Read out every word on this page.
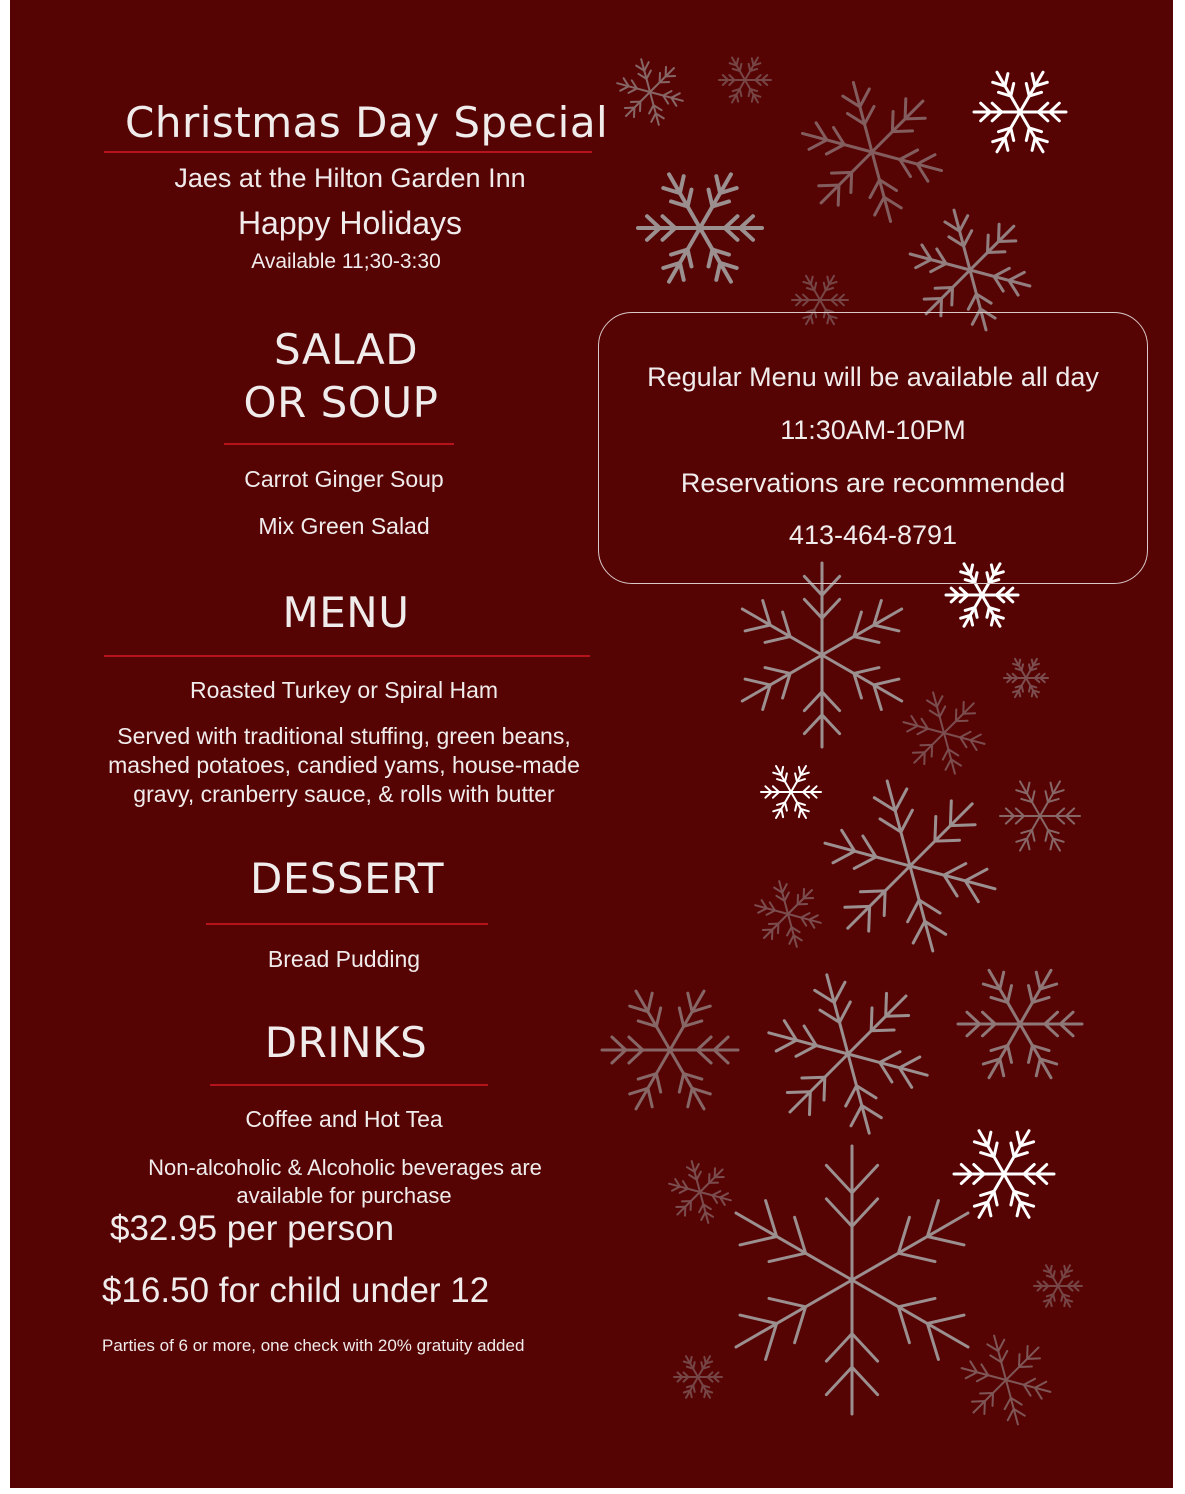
Christmas Day Special
Jaes at the Hilton Garden Inn
Happy Holidays
Available 11;30-3:30
SALAD
OR SOUP
Carrot Ginger Soup
Mix Green Salad
MENU
Roasted Turkey or Spiral Ham
Served with traditional stuffing, green beans,
mashed potatoes, candied yams, house-made
gravy, cranberry sauce, & rolls with butter
DESSERT
Bread Pudding
DRINKS
Coffee and Hot Tea
Non-alcoholic & Alcoholic beverages are
available for purchase
$32.95 per person
$16.50 for child under 12
Parties of 6 or more, one check with 20% gratuity added
Regular Menu will be available all day
11:30AM-10PM
Reservations are recommended
413-464-8791
